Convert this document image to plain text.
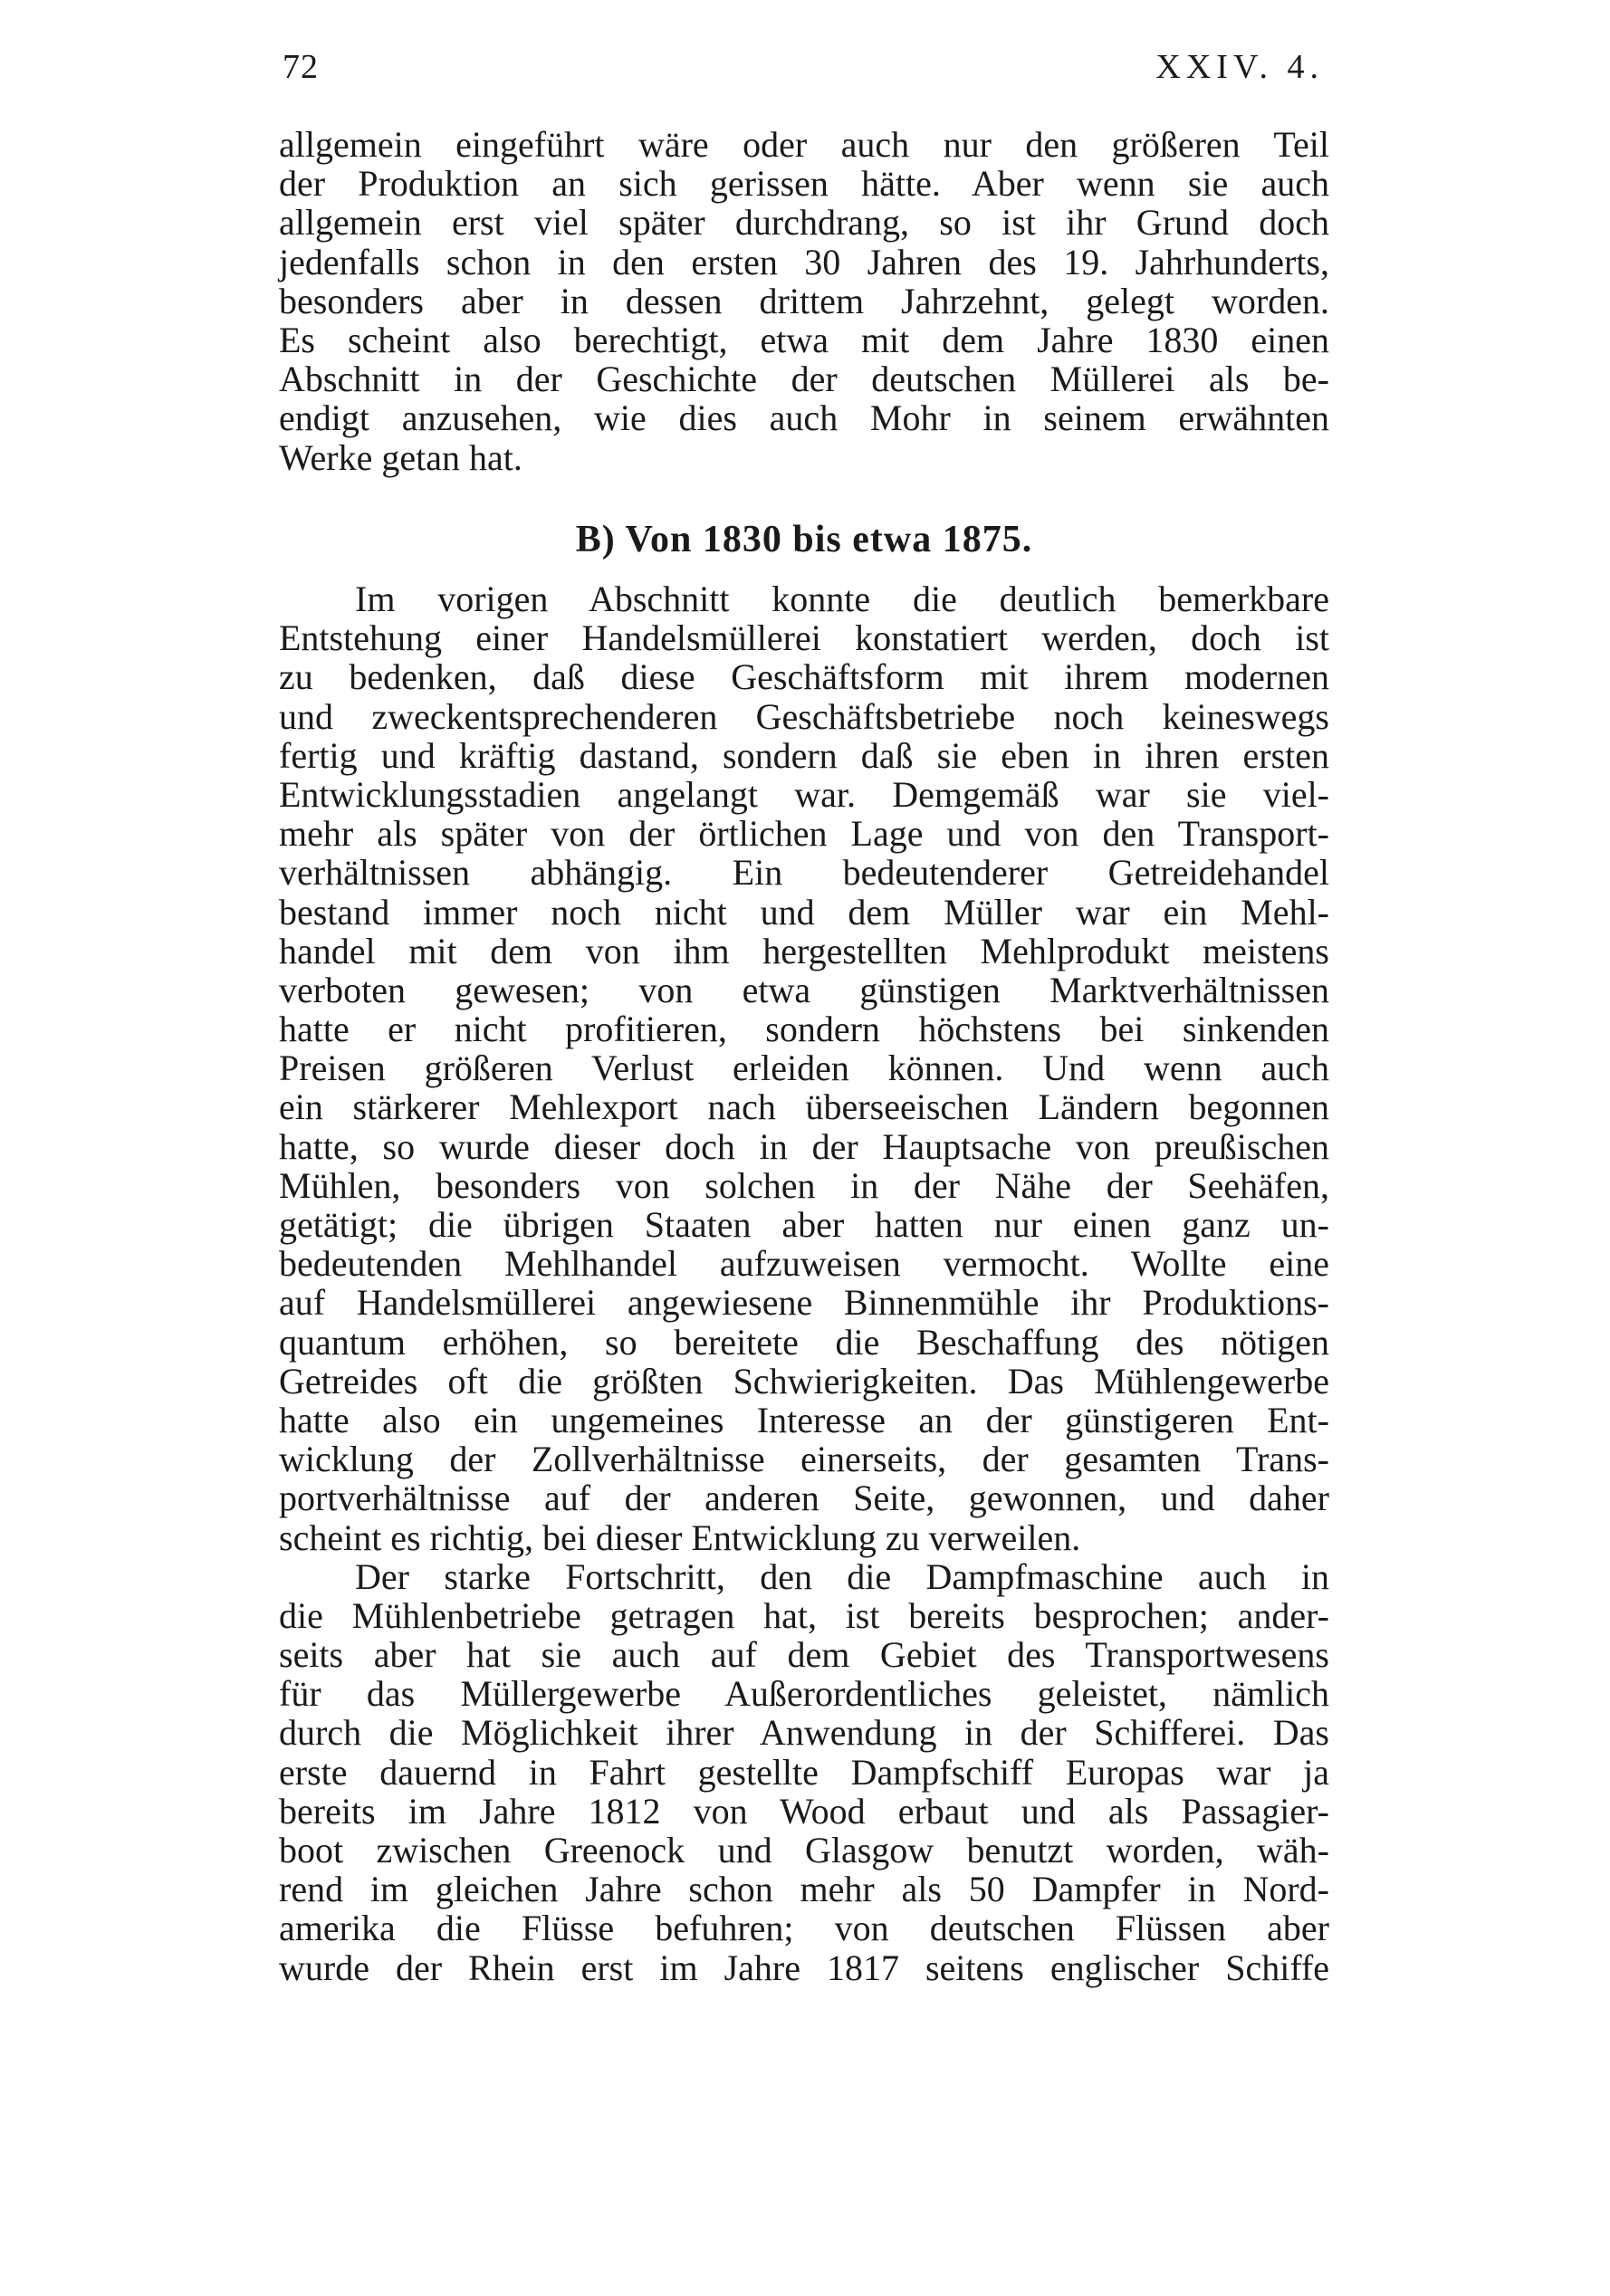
72	XXIV. 4.
allgemein eingeführt wäre oder auch nur den größeren Teil
der Produktion an sich gerissen hätte. Aber wenn sie auch
allgemein erst viel später durchdrang, so ist ihr Grund doch
jedenfalls schon in den ersten 30 Jahren des 19. Jahrhunderts,
besonders aber in dessen drittem Jahrzehnt, gelegt worden.
Es scheint also berechtigt, etwa mit dem Jahre 1830 einen
Abschnitt in der Geschichte der deutschen Müllerei als be-
endigt anzusehen, wie dies auch Mohr in seinem erwähnten
Werke getan hat.
B) Von 1830 bis etwa 1875.
Im vorigen Abschnitt konnte die deutlich bemerkbare
Entstehung einer Handelsmüllerei konstatiert werden, doch ist
zu bedenken, daß diese Geschäftsform mit ihrem modernen
und zweckentsprechenderen Geschäftsbetriebe noch keineswegs
fertig und kräftig dastand, sondern daß sie eben in ihren ersten
Entwicklungsstadien angelangt war. Demgemäß war sie viel-
mehr als später von der örtlichen Lage und von den Transport-
verhältnissen abhängig. Ein bedeutenderer Getreidehandel
bestand immer noch nicht und dem Müller war ein Mehl-
handel mit dem von ihm hergestellten Mehlprodukt meistens
verboten gewesen; von etwa günstigen Marktverhältnissen
hatte er nicht profitieren, sondern höchstens bei sinkenden
Preisen größeren Verlust erleiden können. Und wenn auch
ein stärkerer Mehlexport nach überseeischen Ländern begonnen
hatte, so wurde dieser doch in der Hauptsache von preußischen
Mühlen, besonders von solchen in der Nähe der Seehäfen,
getätigt; die übrigen Staaten aber hatten nur einen ganz un-
bedeutenden Mehlhandel aufzuweisen vermocht. Wollte eine
auf Handelsmüllerei angewiesene Binnenmühle ihr Produktions-
quantum erhöhen, so bereitete die Beschaffung des nötigen
Getreides oft die größten Schwierigkeiten. Das Mühlengewerbe
hatte also ein ungemeines Interesse an der günstigeren Ent-
wicklung der Zollverhältnisse einerseits, der gesamten Trans-
portverhältnisse auf der anderen Seite, gewonnen, und daher
scheint es richtig, bei dieser Entwicklung zu verweilen.
Der starke Fortschritt, den die Dampfmaschine auch in
die Mühlenbetriebe getragen hat, ist bereits besprochen; ander-
seits aber hat sie auch auf dem Gebiet des Transportwesens
für das Müllergewerbe Außerordentliches geleistet, nämlich
durch die Möglichkeit ihrer Anwendung in der Schifferei. Das
erste dauernd in Fahrt gestellte Dampfschiff Europas war ja
bereits im Jahre 1812 von Wood erbaut und als Passagier-
boot zwischen Greenock und Glasgow benutzt worden, wäh-
rend im gleichen Jahre schon mehr als 50 Dampfer in Nord-
amerika die Flüsse befuhren; von deutschen Flüssen aber
wurde der Rhein erst im Jahre 1817 seitens englischer Schiffe
